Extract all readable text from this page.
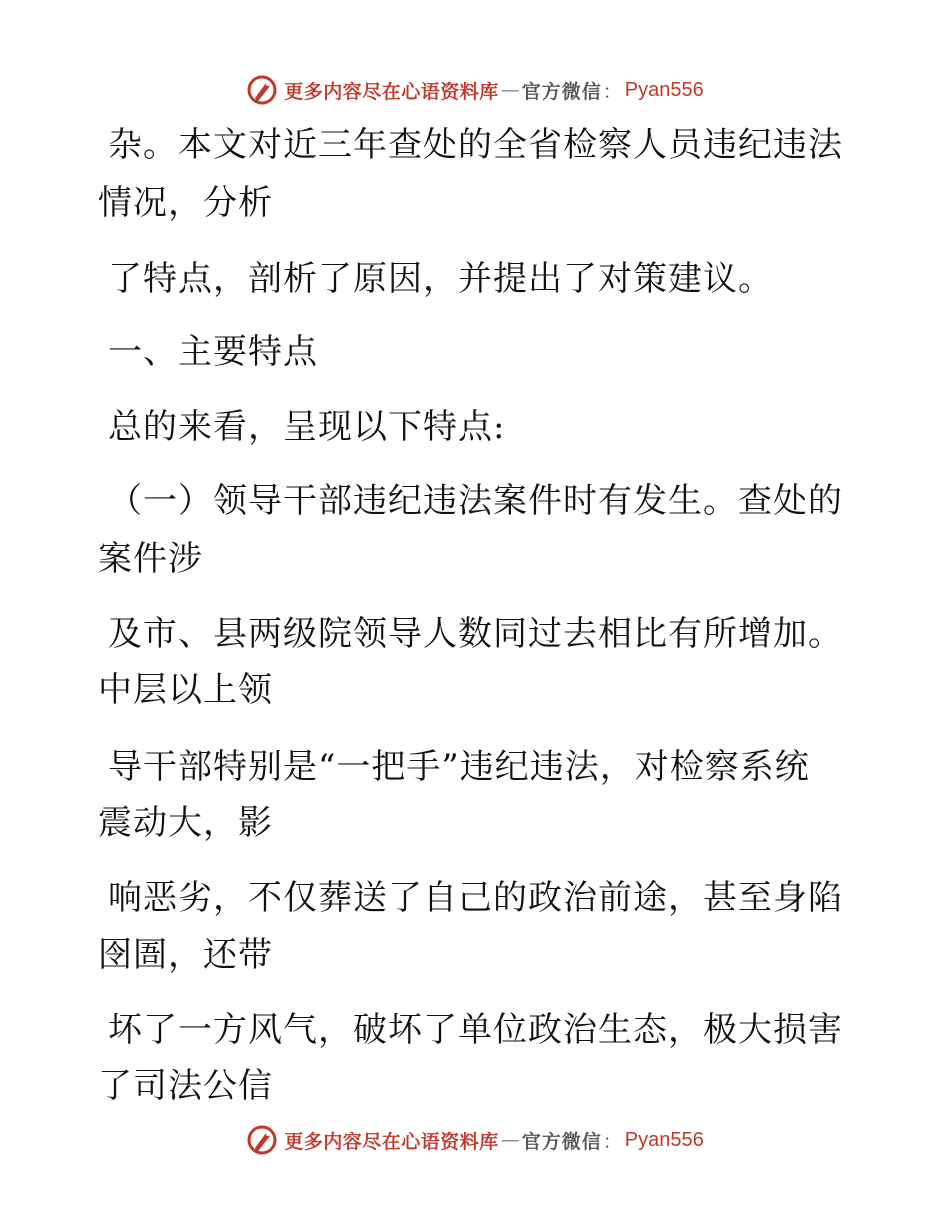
更多内容尽在心语资料库 — 官方微信 ： Pyan556
杂。本文对近三年查处的全省检察人员违纪违法
情况，分析
了特点，剖析了原因，并提出了对策建议。
一、主要特点
总的来看，呈现以下特点:
（一）领导干部违纪违法案件时有发生。查处的
案件涉
及市、县两级院领导人数同过去相比有所增加。
中层以上领
导干部特别是“一把手”违纪违法，对检察系统
震动大，影
响恶劣，不仅葬送了自己的政治前途，甚至身陷
囹圄，还带
坏了一方风气，破坏了单位政治生态，极大损害
了司法公信
更多内容尽在心语资料库 — 官方微信 ： Pyan556
